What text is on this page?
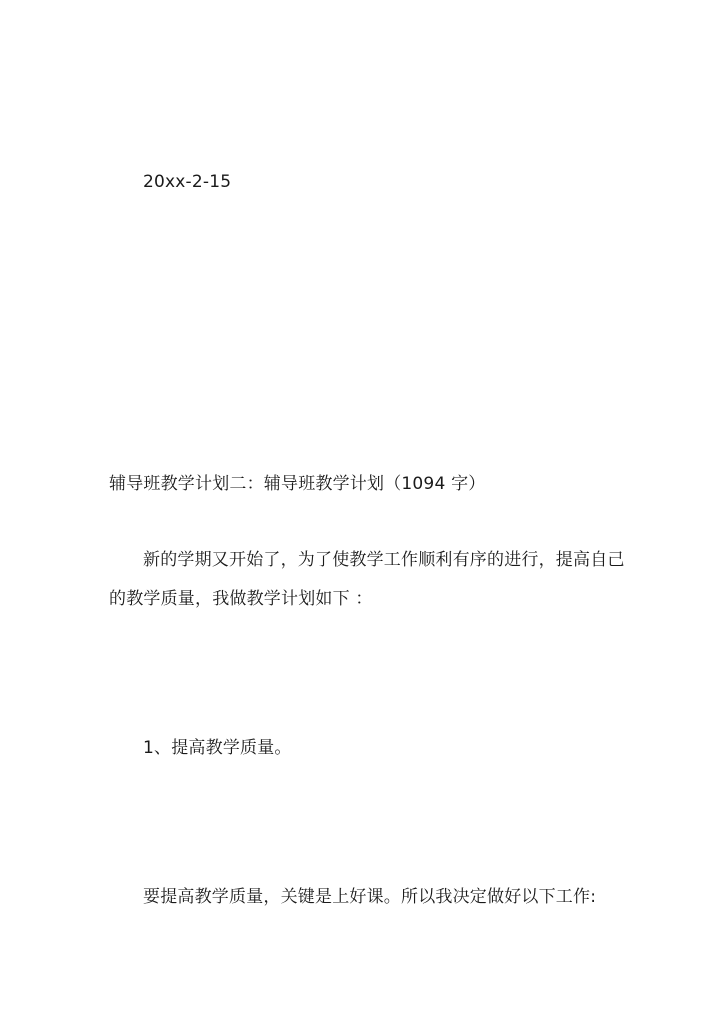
20xx-2-15
辅导班教学计划二：辅导班教学计划（1094 字）
新的学期又开始了，为了使教学工作顺利有序的进行，提高自己
的教学质量，我做教学计划如下 ：
1、提高教学质量。
要提高教学质量，关键是上好课。所以我决定做好以下工作:
